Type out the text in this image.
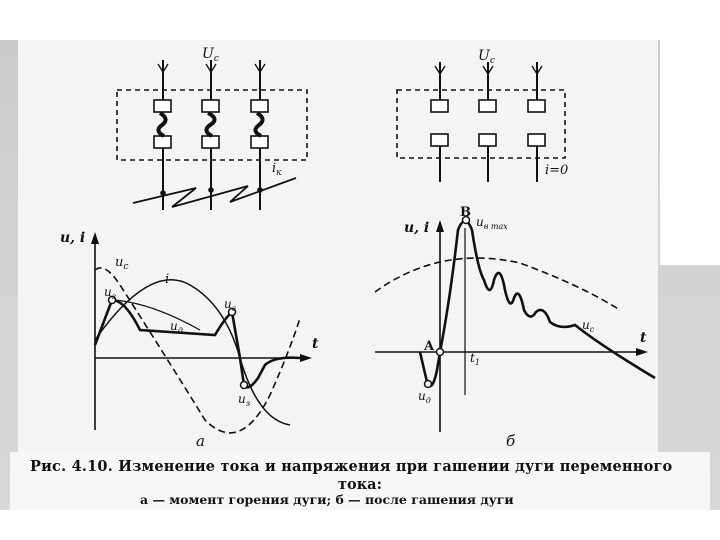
$U_c$
$i_к$
$U_c$
i=0
u, i
t
$u_c$
i
$u_з$
$u_г$
$u_д$
$u_з$
а
u, i
t
B
$u_{в max}$
A
$t_1$
$u_д$
$u_c$
б
Рис. 4.10. Изменение тока и напряжения при гашении дуги переменного
тока:
а — момент горения дуги; б — после гашения дуги
